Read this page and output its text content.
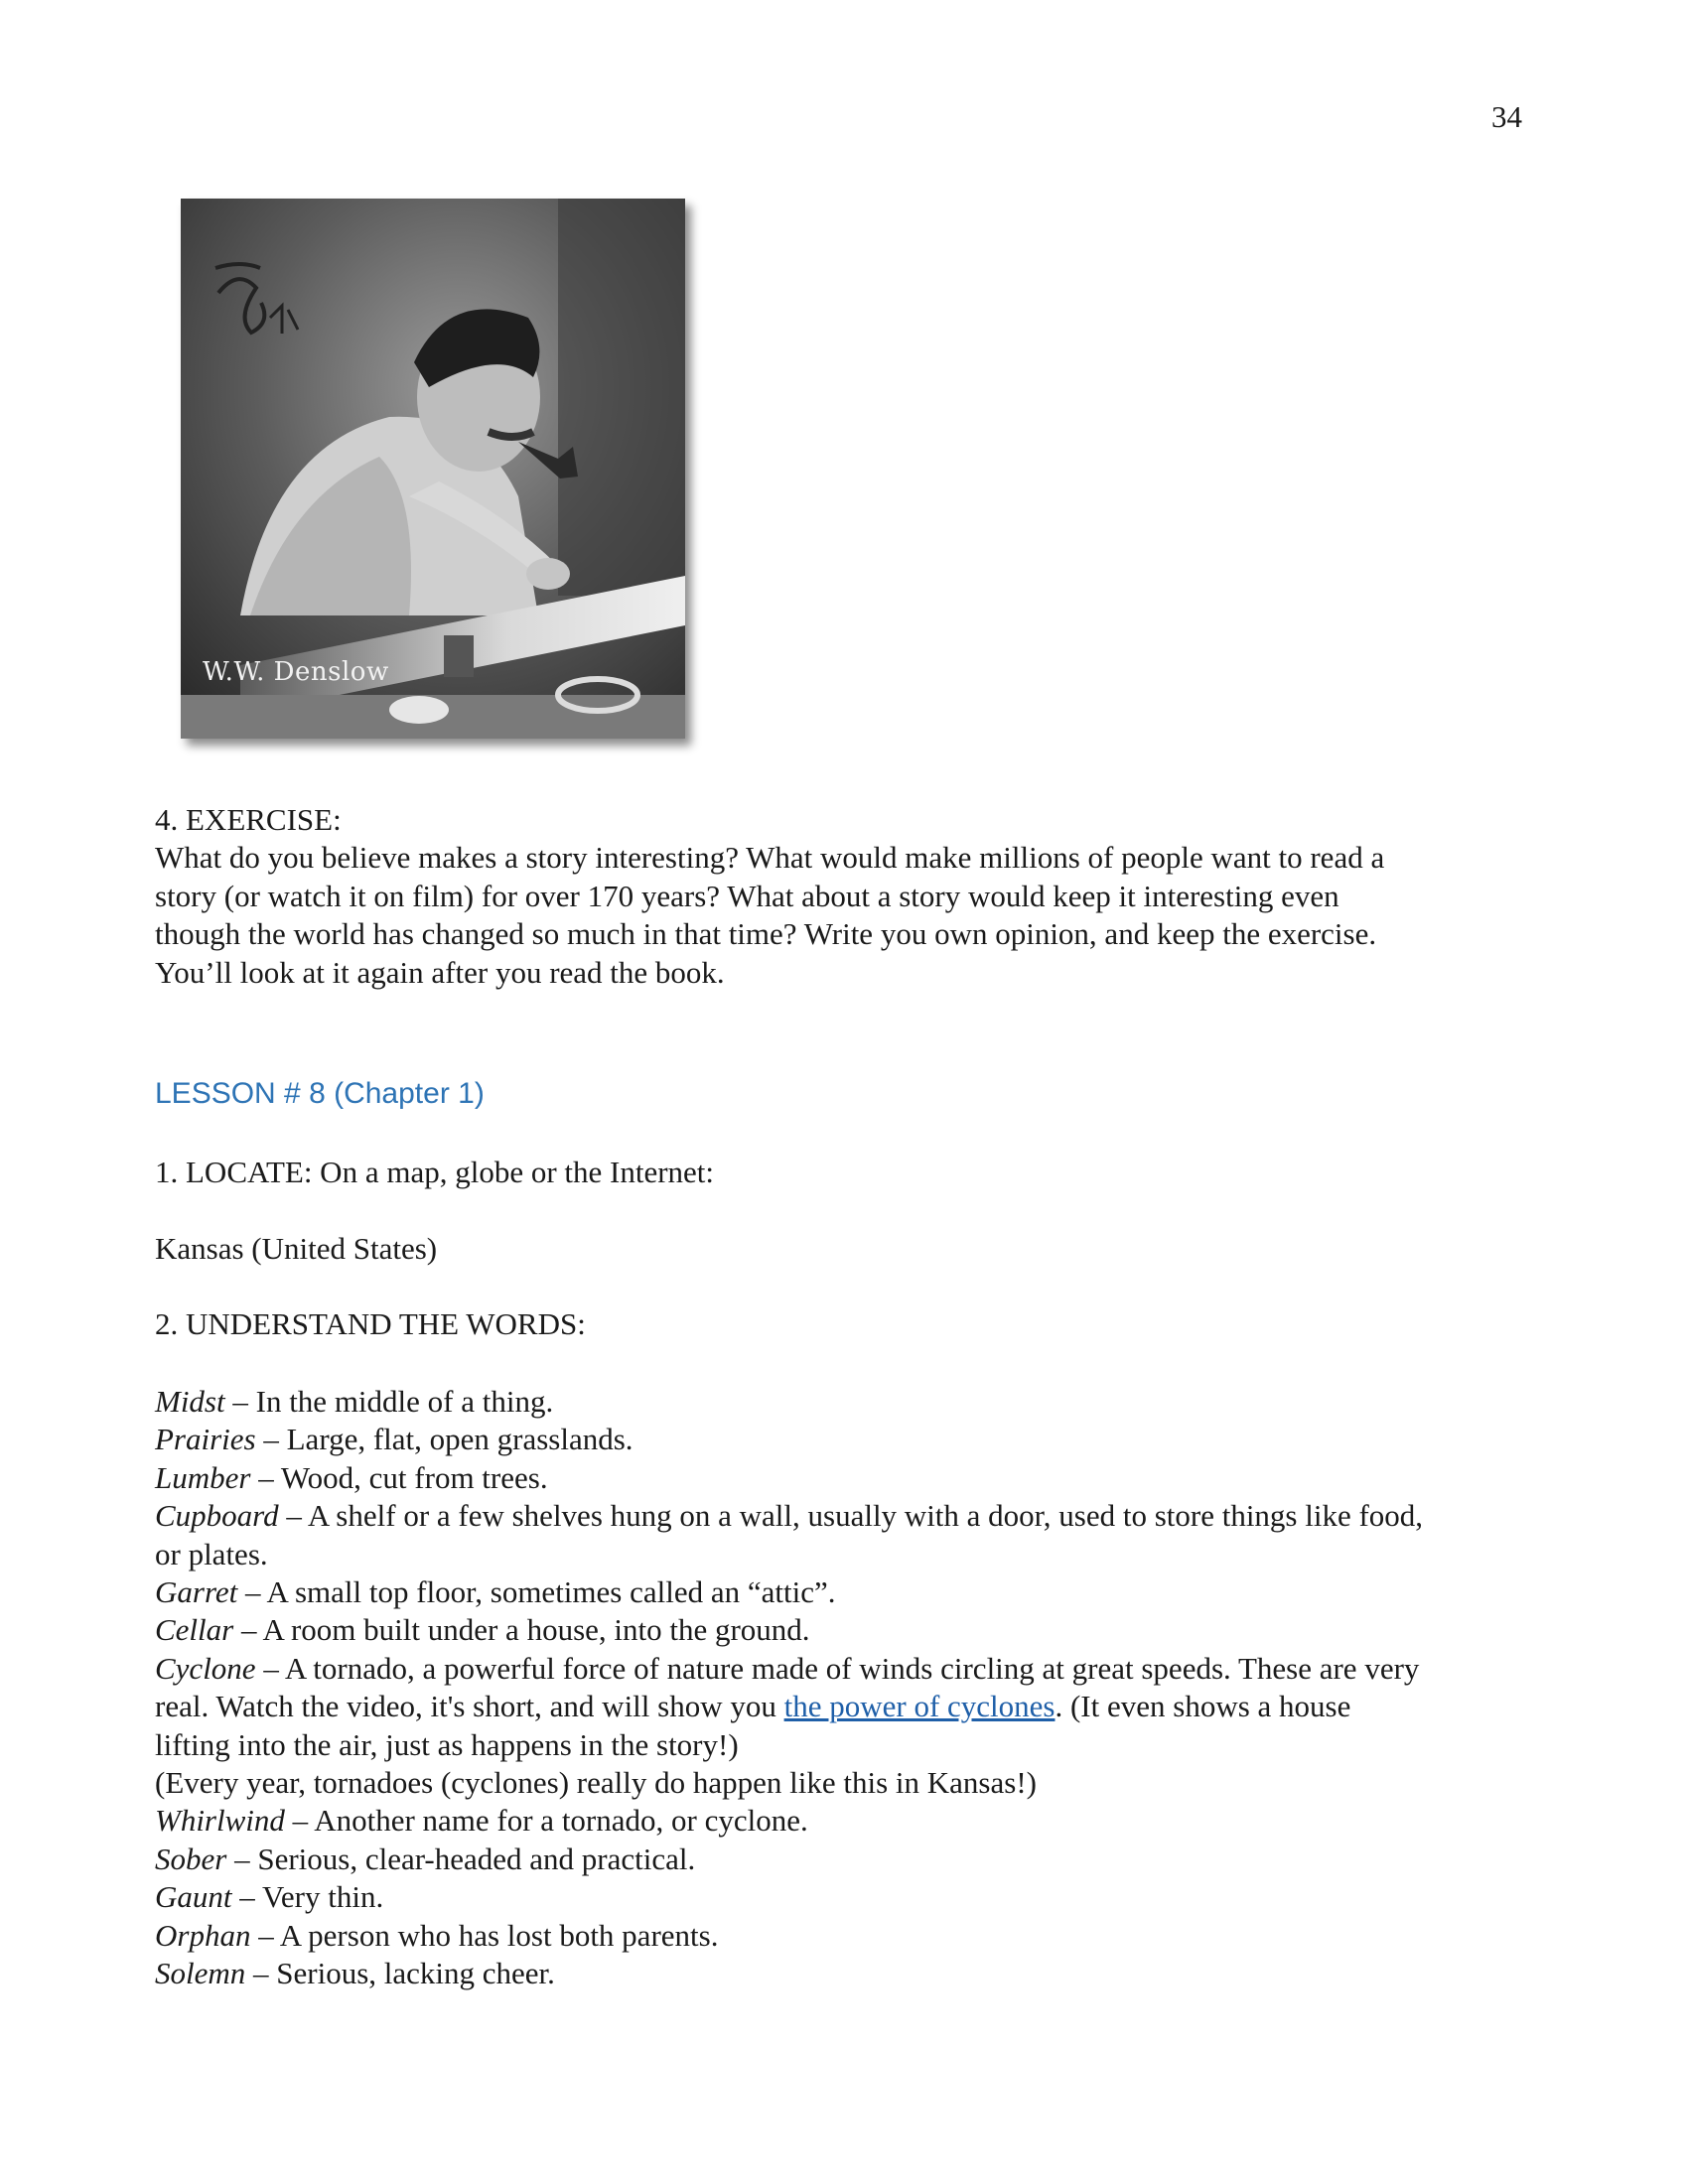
34
W.W. Denslow

4. EXERCISE:

What do you believe makes a story interesting? What would make millions of people want to read a

story (or watch it on film) for over 170 years? What about a story would keep it interesting even

though the world has changed so much in that time? Write you own opinion, and keep the exercise.

You’ll look at it again after you read the book.

LESSON # 8 (Chapter 1)
1. LOCATE: On a map, globe or the Internet:
Kansas (United States)
2. UNDERSTAND THE WORDS:

Midst – In the middle of a thing.

Prairies – Large, flat, open grasslands.

Lumber – Wood, cut from trees.

Cupboard – A shelf or a few shelves hung on a wall, usually with a door, used to store things like food,

or plates.

Garret – A small top floor, sometimes called an “attic”.

Cellar – A room built under a house, into the ground.

Cyclone – A tornado, a powerful force of nature made of winds circling at great speeds. These are very

real. Watch the video, it's short, and will show you the power of cyclones. (It even shows a house

lifting into the air, just as happens in the story!)

(Every year, tornadoes (cyclones) really do happen like this in Kansas!)

Whirlwind – Another name for a tornado, or cyclone.

Sober – Serious, clear-headed and practical.

Gaunt – Very thin.

Orphan – A person who has lost both parents.

Solemn – Serious, lacking cheer.
